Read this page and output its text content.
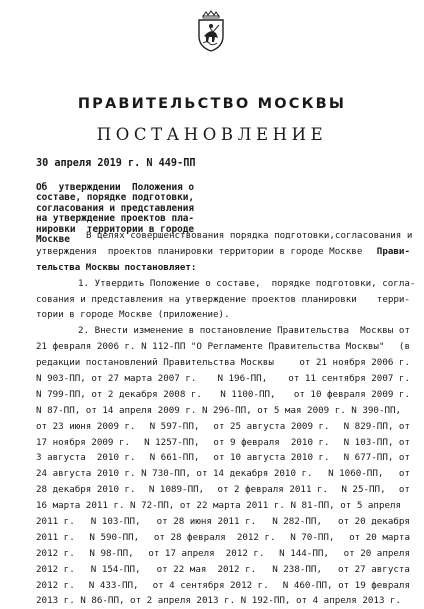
ПРАВИТЕЛЬСТВО МОСКВЫ
ПОСТАНОВЛЕНИЕ
30 апреля 2019 г. N 449-ПП
Об  утверждении  Положения о
составе, порядке подготовки,
согласования и представления
на утверждение проектов пла-
нировки  территории в городе
Москве	В целях совершенствования порядка подготовки, согласования и
утверждения  проектов планировки территории в городе Москве Прави-
тельства Москвы постановляет:
1. Утвердить Положение о составе,  порядке подготовки, согла-
сования и представления на утверждение проектов планировки терри-
тории в городе Москве (приложение).
2. Внести изменение в постановление Правительства  Москвы от
21 февраля 2006 г. N 112-ПП "О Регламенте Правительства Москвы" (в
редакции постановлений Правительства Москвы	от 21 ноября 2006 г.
N 903-ПП, от 27 марта 2007 г. N 196-ПП, от 11 сентября 2007 г.
N 799-ПП, от 2 декабря 2008 г. N 1100-ПП, от 10 февраля 2009 г.
N 87-ПП, от 14 апреля 2009 г. N 296-ПП, от 5 мая 2009 г. N 390-ПП,
от 23 июня 2009 г. N 597-ПП, от 25 августа 2009 г. N 829-ПП, от
17 ноября 2009 г. N 1257-ПП, от 9 февраля  2010 г. N 103-ПП, от
3 августа  2010 г. N 661-ПП, от 10 августа 2010 г. N 677-ПП, от
24 августа 2010 г. N 730-ПП, от 14 декабря 2010 г. N 1060-ПП, от
28 декабря 2010 г. N 1089-ПП, от 2 февраля 2011 г. N 25-ПП, от
16 марта 2011 г. N 72-ПП, от 22 марта 2011 г. N 81-ПП, от 5 апреля
2011 г. N 103-ПП, от 28 июня 2011 г. N 282-ПП, от 20 декабря
2011 г. N 590-ПП, от 28 февраля  2012 г. N 70-ПП, от 20 марта
2012 г. N 98-ПП, от 17 апреля  2012 г. N 144-ПП, от 20 апреля
2012 г. N 154-ПП, от 22 мая  2012 г. N 238-ПП, от 27 августа
2012 г. N 433-ПП, от 4 сентября 2012 г. N 460-ПП, от 19 февраля
2013 г. N 86-ПП, от 2 апреля 2013 г. N 192-ПП, от 4 апреля 2013 г.
